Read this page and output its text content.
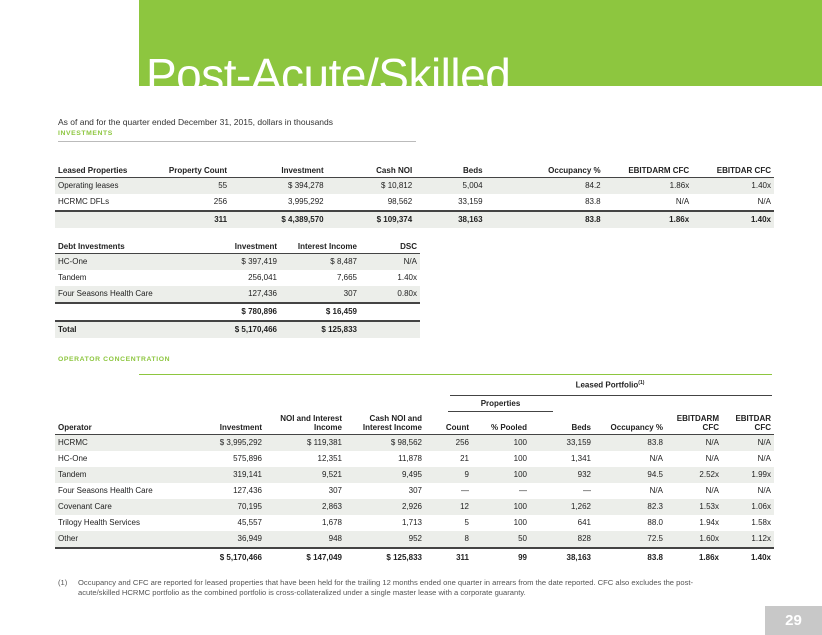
Post-Acute/Skilled
As of and for the quarter ended December 31, 2015, dollars in thousands
INVESTMENTS
Leased Properties	Property Count	Investment	Cash NOI	Beds	Occupancy %	EBITDARM CFC	EBITDAR CFC
Operating leases	55	$ 394,278	$ 10,812	5,004	84.2	1.86x	1.40x
HCRMC DFLs	256	3,995,292	98,562	33,159	83.8	N/A	N/A
	311	$ 4,389,570	$ 109,374	38,163	83.8	1.86x	1.40x
Debt Investments	Investment	Interest Income	DSC
HC-One	$ 397,419	$ 8,487	N/A
Tandem	256,041	7,665	1.40x
Four Seasons Health Care	127,436	307	0.80x
	$ 780,896	$ 16,459	
Total	$ 5,170,466	$ 125,833	
OPERATOR CONCENTRATION
Leased Portfolio$^{(1)}$
Properties
Operator	Investment	NOI and Interest Income	Cash NOI and Interest Income	Count	% Pooled	Beds	Occupancy %	EBITDARM CFC	EBITDAR CFC
HCRMC	$ 3,995,292	$ 119,381	$ 98,562	256	100	33,159	83.8	N/A	N/A
HC-One	575,896	12,351	11,878	21	100	1,341	N/A	N/A	N/A
Tandem	319,141	9,521	9,495	9	100	932	94.5	2.52x	1.99x
Four Seasons Health Care	127,436	307	307	—	—	—	N/A	N/A	N/A
Covenant Care	70,195	2,863	2,926	12	100	1,262	82.3	1.53x	1.06x
Trilogy Health Services	45,557	1,678	1,713	5	100	641	88.0	1.94x	1.58x
Other	36,949	948	952	8	50	828	72.5	1.60x	1.12x
	$ 5,170,466	$ 147,049	$ 125,833	311	99	38,163	83.8	1.86x	1.40x
(1) Occupancy and CFC are reported for leased properties that have been held for the trailing 12 months ended one quarter in arrears from the date reported. CFC also excludes the post-acute/skilled HCRMC portfolio as the combined portfolio is cross-collateralized under a single master lease with a corporate guaranty.
29
